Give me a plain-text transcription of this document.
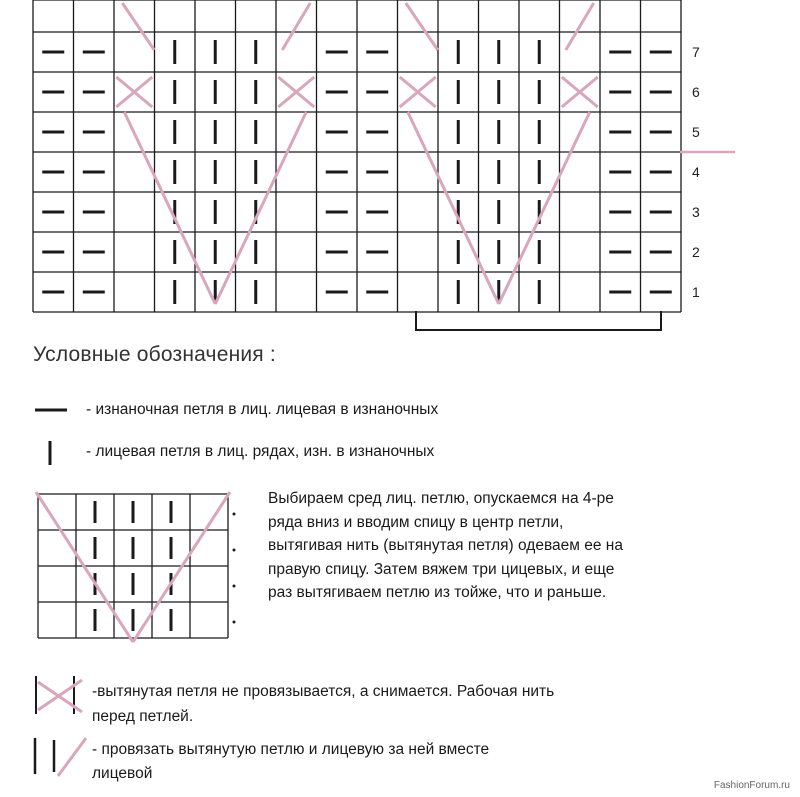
7
6
5
4
3
2
1
Условные обозначения :
- изнаночная петля в лиц. лицевая в изнаночных
- лицевая петля в лиц. рядах, изн. в изнаночных
Выбираем сред лиц. петлю, опускаемся на 4-ре
ряда вниз и вводим спицу в центр петли,
вытягивая нить (вытянутая петля) одеваем ее на
правую спицу. Затем вяжем три цицевых, и еще
раз вытягиваем петлю из тойже, что и раньше.
-вытянутая петля не провязывается, а снимается. Рабочая нить
перед петлей.
- провязать вытянутую петлю и лицевую за ней вместе
лицевой
FashionForum.ru
